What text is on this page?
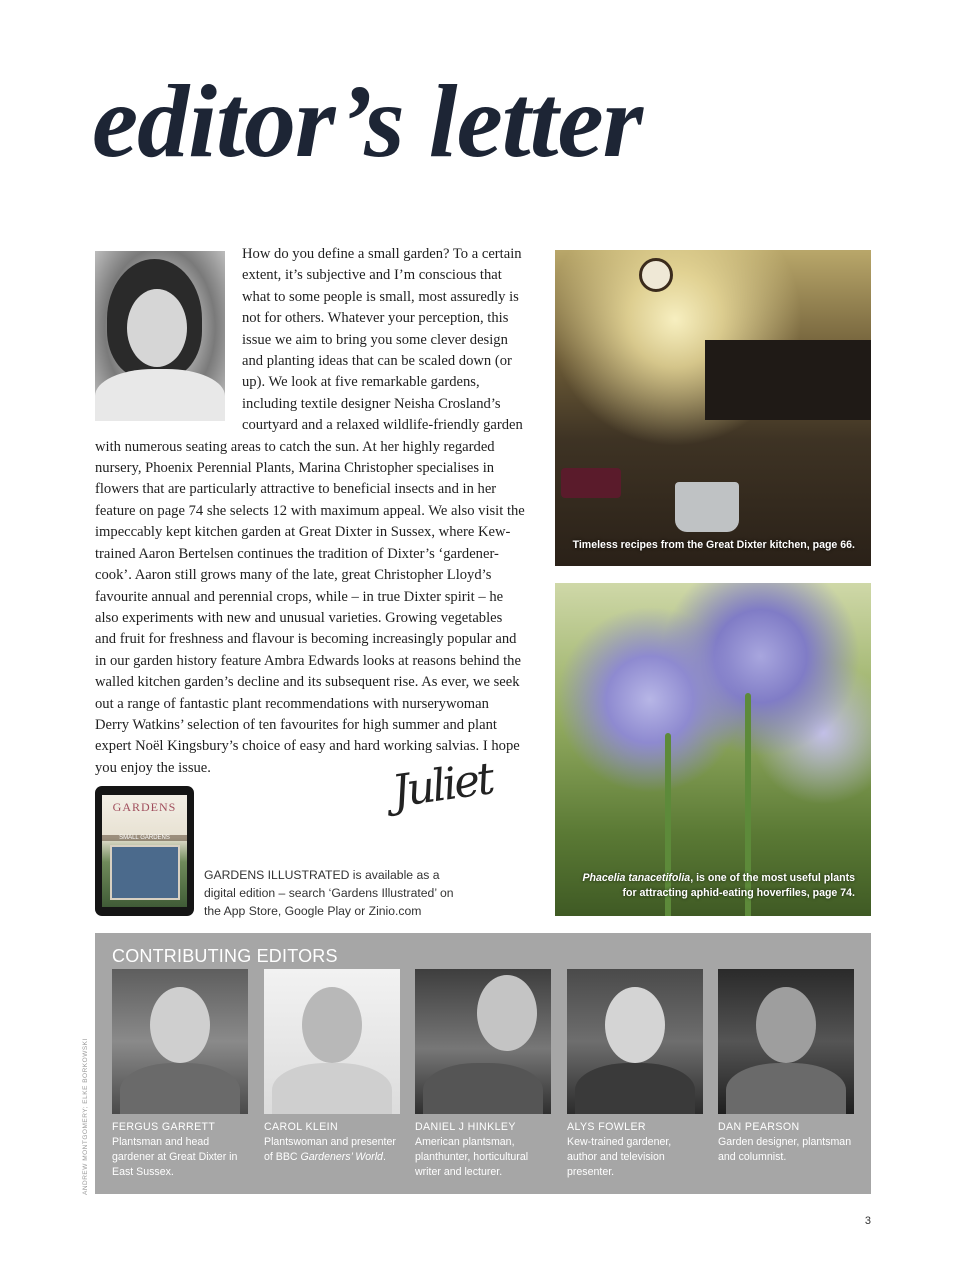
editor’s letter
How do you define a small garden? To a certain extent, it’s subjective and I’m conscious that what to some people is small, most assuredly is not for others. Whatever your perception, this issue we aim to bring you some clever design and planting ideas that can be scaled down (or up). We look at five remarkable gardens, including textile designer Neisha Crosland’s courtyard and a relaxed wildlife-friendly garden with numerous seating areas to catch the sun. At her highly regarded nursery, Phoenix Perennial Plants, Marina Christopher specialises in flowers that are particularly attractive to beneficial insects and in her feature on page 74 she selects 12 with maximum appeal. We also visit the impeccably kept kitchen garden at Great Dixter in Sussex, where Kew-trained Aaron Bertelsen continues the tradition of Dixter’s ‘gardener-cook’. Aaron still grows many of the late, great Christopher Lloyd’s favourite annual and perennial crops, while – in true Dixter spirit – he also experiments with new and unusual varieties. Growing vegetables and fruit for freshness and flavour is becoming increasingly popular and in our garden history feature Ambra Edwards looks at reasons behind the walled kitchen garden’s decline and its subsequent rise. As ever, we seek out a range of fantastic plant recommendations with nurserywoman Derry Watkins’ selection of ten favourites for high summer and plant expert Noël Kingsbury’s choice of easy and hard working salvias. I hope you enjoy the issue.	Juliet
GARDENS
SMALL GARDENS
GARDENS ILLUSTRATED is available as a digital edition – search ‘Gardens Illustrated’ on the App Store, Google Play or Zinio.com
Timeless recipes from the Great Dixter kitchen, page 66.
Phacelia tanacetifolia, is one of the most useful plants for attracting aphid-eating hoverfiles, page 74.
CONTRIBUTING EDITORS
FERGUS GARRETT
Plantsman and head gardener at Great Dixter in East Sussex.
CAROL KLEIN
Plantswoman and presenter of BBC Gardeners’ World.
DANIEL J HINKLEY
American plantsman, planthunter, horticultural writer and lecturer.
ALYS FOWLER
Kew-trained gardener, author and television presenter.
DAN PEARSON
Garden designer, plantsman and columnist.
ANDREW MONTGOMERY; ELKE BORKOWSKI
3
